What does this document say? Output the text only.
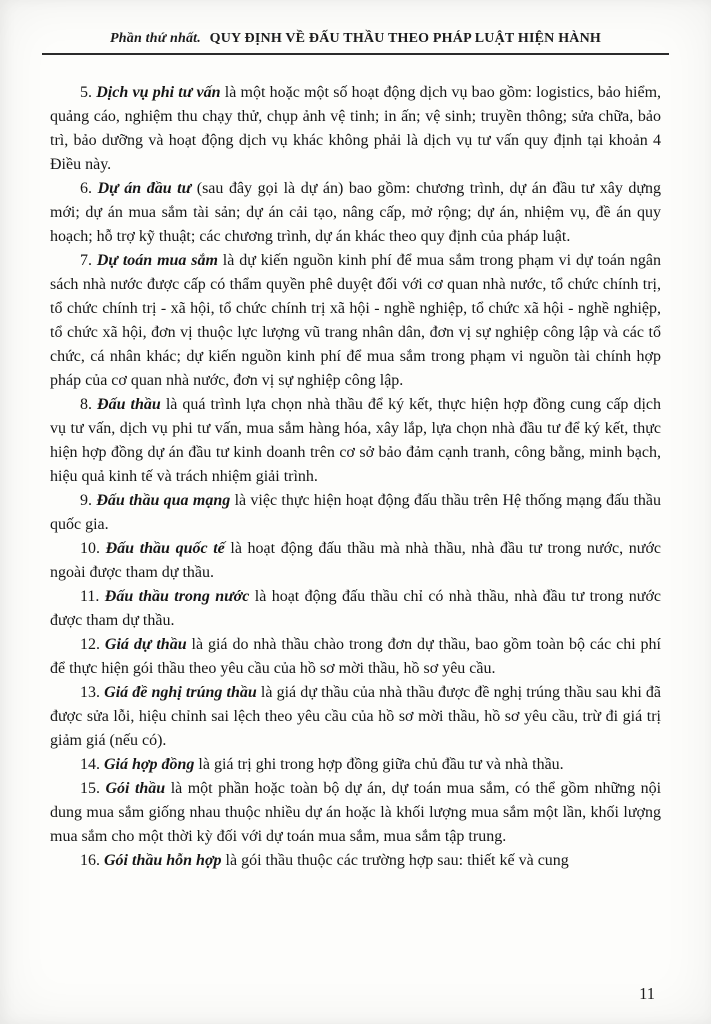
Phần thứ nhất. QUY ĐỊNH VỀ ĐẤU THẦU THEO PHÁP LUẬT HIỆN HÀNH

5. Dịch vụ phi tư vấn là một hoặc một số hoạt động dịch vụ bao gồm: logistics, bảo hiểm, quảng cáo, nghiệm thu chạy thử, chụp ảnh vệ tinh; in ấn; vệ sinh; truyền thông; sửa chữa, bảo trì, bảo dưỡng và hoạt động dịch vụ khác không phải là dịch vụ tư vấn quy định tại khoản 4 Điều này.

6. Dự án đầu tư (sau đây gọi là dự án) bao gồm: chương trình, dự án đầu tư xây dựng mới; dự án mua sắm tài sản; dự án cải tạo, nâng cấp, mở rộng; dự án, nhiệm vụ, đề án quy hoạch; hỗ trợ kỹ thuật; các chương trình, dự án khác theo quy định của pháp luật.

7. Dự toán mua sắm là dự kiến nguồn kinh phí để mua sắm trong phạm vi dự toán ngân sách nhà nước được cấp có thẩm quyền phê duyệt đối với cơ quan nhà nước, tổ chức chính trị, tổ chức chính trị - xã hội, tổ chức chính trị xã hội - nghề nghiệp, tổ chức xã hội - nghề nghiệp, tổ chức xã hội, đơn vị thuộc lực lượng vũ trang nhân dân, đơn vị sự nghiệp công lập và các tổ chức, cá nhân khác; dự kiến nguồn kinh phí để mua sắm trong phạm vi nguồn tài chính hợp pháp của cơ quan nhà nước, đơn vị sự nghiệp công lập.

8. Đấu thầu là quá trình lựa chọn nhà thầu để ký kết, thực hiện hợp đồng cung cấp dịch vụ tư vấn, dịch vụ phi tư vấn, mua sắm hàng hóa, xây lắp, lựa chọn nhà đầu tư để ký kết, thực hiện hợp đồng dự án đầu tư kinh doanh trên cơ sở bảo đảm cạnh tranh, công bằng, minh bạch, hiệu quả kinh tế và trách nhiệm giải trình.

9. Đấu thầu qua mạng là việc thực hiện hoạt động đấu thầu trên Hệ thống mạng đấu thầu quốc gia.

10. Đấu thầu quốc tế là hoạt động đấu thầu mà nhà thầu, nhà đầu tư trong nước, nước ngoài được tham dự thầu.

11. Đấu thầu trong nước là hoạt động đấu thầu chỉ có nhà thầu, nhà đầu tư trong nước được tham dự thầu.

12. Giá dự thầu là giá do nhà thầu chào trong đơn dự thầu, bao gồm toàn bộ các chi phí để thực hiện gói thầu theo yêu cầu của hồ sơ mời thầu, hồ sơ yêu cầu.

13. Giá đề nghị trúng thầu là giá dự thầu của nhà thầu được đề nghị trúng thầu sau khi đã được sửa lỗi, hiệu chỉnh sai lệch theo yêu cầu của hồ sơ mời thầu, hồ sơ yêu cầu, trừ đi giá trị giảm giá (nếu có).

14. Giá hợp đồng là giá trị ghi trong hợp đồng giữa chủ đầu tư và nhà thầu.

15. Gói thầu là một phần hoặc toàn bộ dự án, dự toán mua sắm, có thể gồm những nội dung mua sắm giống nhau thuộc nhiều dự án hoặc là khối lượng mua sắm một lần, khối lượng mua sắm cho một thời kỳ đối với dự toán mua sắm, mua sắm tập trung.

16. Gói thầu hỗn hợp là gói thầu thuộc các trường hợp sau: thiết kế và cung

11
